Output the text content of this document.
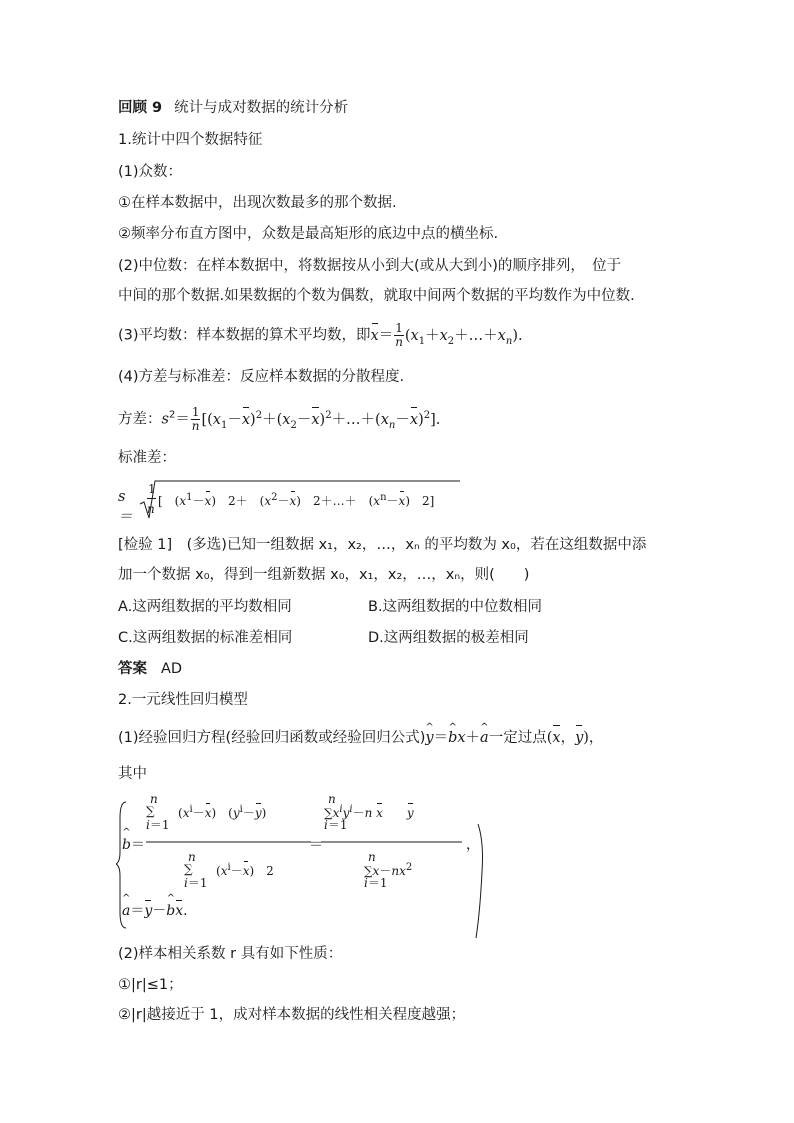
回顾 9 统计与成对数据的统计分析
1.统计中四个数据特征
(1)众数：
①在样本数据中，出现次数最多的那个数据.
②频率分布直方图中，众数是最高矩形的底边中点的横坐标.
(2)中位数：在样本数据中，将数据按从小到大(或从大到小)的顺序排列，　位于
中间的那个数据.如果数据的个数为偶数，就取中间两个数据的平均数作为中位数.
(3)平均数：样本数据的算术平均数，即$x= \frac{1}{n}$ $(x_1+x_2+\dots+x_n)$.
(4)方差与标准差：反应样本数据的分散程度.
方差：$s^2= \frac{1}{n}$ $[(x_1-x)^2+(x_2-x)^2+\dots+(x_n-x)^2]$.
标准差：
s＝
1
n
[　$(x^1-x)$　2＋　$(x^2-x)$　2＋…＋　$(x^n-x)$　2]
[检验 1]　(多选)已知一组数据 x₁，x₂，…，xₙ 的平均数为 x₀，若在这组数据中添
加一个数据 x₀，得到一组新数据 x₀，x₁，x₂，…，xₙ，则(　　)
A.这两组数据的平均数相同	B.这两组数据的中位数相同
C.这两组数据的标准差相同	D.这两组数据的极差相同
答案 AD
2.一元线性回归模型
(1)经验回归方程(经验回归函数或经验回归公式)^ y＝^ bx＋^ a一定过点(x，y)，
其中
^ b＝
n
∑
i＝1
$(x^i-x)$　$(y^i-y)$
n
∑
i＝1
$(x^i-x)$　2
＝
n
$\sum x^iy^i-n$ x　　 y
i＝1
n
$\sum x-nx^2$
i＝1
，
^ a＝y－^ bx.
(2)样本相关系数 r 具有如下性质：
①|r|≤1；
②|r|越接近于 1，成对样本数据的线性相关程度越强；
